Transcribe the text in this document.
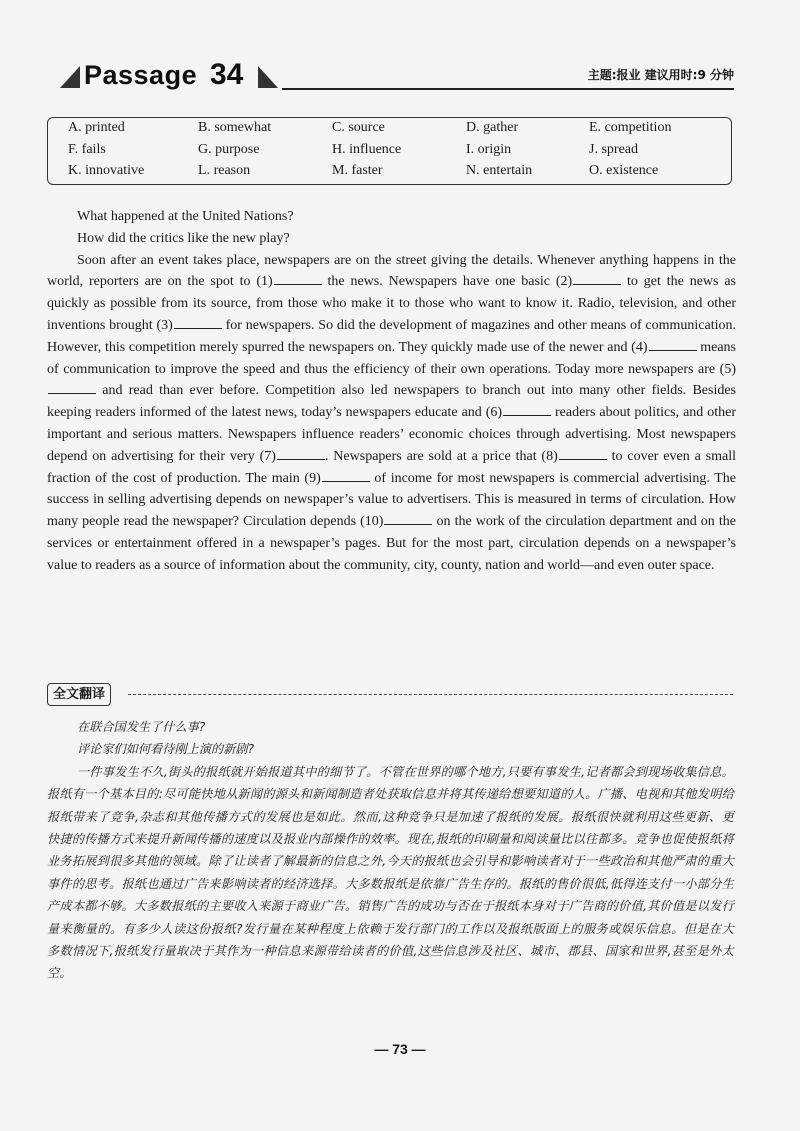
Passage 34	主题:报业 建议用时:9 分钟
A. printed	B. somewhat	C. source	D. gather	E. competition
F. fails	G. purpose	H. influence	I. origin	J. spread
K. innovative	L. reason	M. faster	N. entertain	O. existence

What happened at the United Nations?

How did the critics like the new play?

Soon after an event takes place, newspapers are on the street giving the details. Whenever anything happens in the world, reporters are on the spot to (1)	the news. Newspapers have one basic (2)	to get the news as quickly as possible from its source, from those who make it to those who want to know it. Radio, television, and other inventions brought (3)	for newspapers. So did the development of magazines and other means of communication. However, this competition merely spurred the newspapers on. They quickly made use of the newer and (4)	means of communication to improve the speed and thus the efficiency of their own operations. Today more newspapers are (5) and read than ever before. Competition also led newspapers to branch out into many other fields. Besides keeping readers informed of the latest news, today’s newspapers educate and (6)	readers about politics, and other important and serious matters. Newspapers influence readers’ economic choices through advertising. Most newspapers depend on advertising for their very (7)	. Newspapers are sold at a price that (8)	to cover even a small fraction of the cost of production. The main (9)	of income for most newspapers is commercial advertising. The success in selling advertising depends on newspaper’s value to advertisers. This is measured in terms of circulation. How many people read the newspaper? Circulation depends (10)	on the work of the circulation department and on the services or entertainment offered in a newspaper’s pages. But for the most part, circulation depends on a newspaper’s value to readers as a source of information about the community, city, county, nation and world—and even outer space.

全文翻译

在联合国发生了什么事?

评论家们如何看待刚上演的新剧?

一件事发生不久,街头的报纸就开始报道其中的细节了。不管在世界的哪个地方,只要有事发生,记者都会到现场收集信息。报纸有一个基本目的:尽可能快地从新闻的源头和新闻制造者处获取信息并将其传递给想要知道的人。广播、电视和其他发明给报纸带来了竞争,杂志和其他传播方式的发展也是如此。然而,这种竞争只是加速了报纸的发展。报纸很快就利用这些更新、更快捷的传播方式来提升新闻传播的速度以及报业内部操作的效率。现在,报纸的印刷量和阅读量比以往都多。竞争也促使报纸将业务拓展到很多其他的领域。除了让读者了解最新的信息之外,今天的报纸也会引导和影响读者对于一些政治和其他严肃的重大事件的思考。报纸也通过广告来影响读者的经济选择。大多数报纸是依靠广告生存的。报纸的售价很低,低得连支付一小部分生产成本都不够。大多数报纸的主要收入来源于商业广告。销售广告的成功与否在于报纸本身对于广告商的价值,其价值是以发行量来衡量的。有多少人读这份报纸?发行量在某种程度上依赖于发行部门的工作以及报纸版面上的服务或娱乐信息。但是在大多数情况下,报纸发行量取决于其作为一种信息来源带给读者的价值,这些信息涉及社区、城市、郡县、国家和世界,甚至是外太空。

— 73 —
